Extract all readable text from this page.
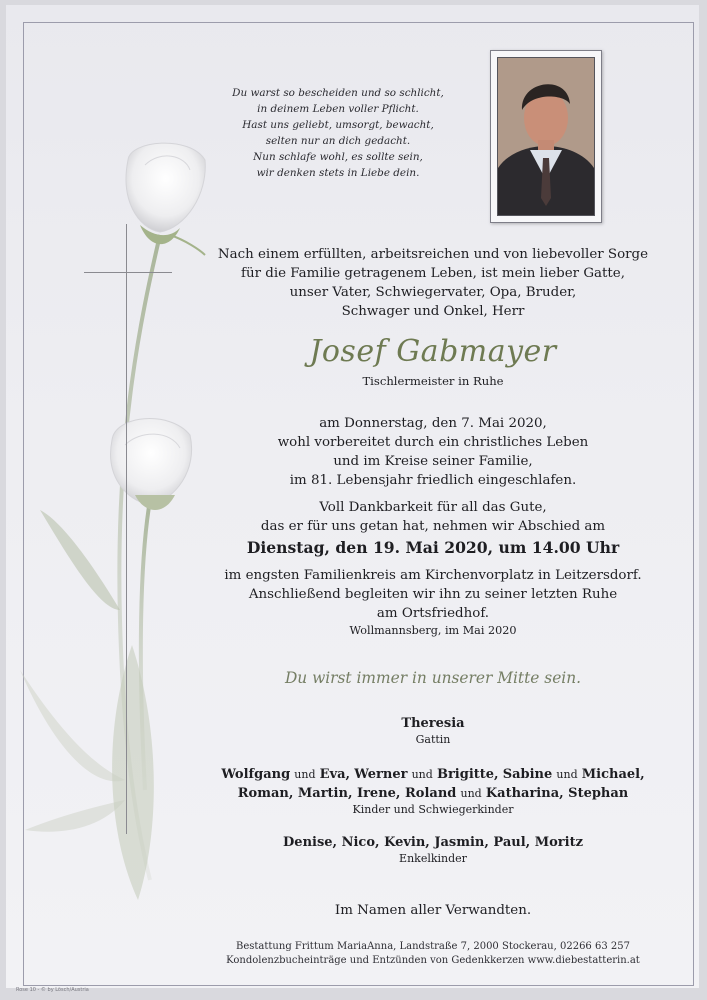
Du warst so bescheiden und so schlicht,
in deinem Leben voller Pflicht.
Hast uns geliebt, umsorgt, bewacht,
selten nur an dich gedacht.
Nun schlafe wohl, es sollte sein,
wir denken stets in Liebe dein.
Nach einem erfüllten, arbeitsreichen und von liebevoller Sorge
für die Familie getragenem Leben, ist mein lieber Gatte,
unser Vater, Schwiegervater, Opa, Bruder,
Schwager und Onkel, Herr
Josef Gabmayer
Tischlermeister in Ruhe
am Donnerstag, den 7. Mai 2020,
wohl vorbereitet durch ein christliches Leben
und im Kreise seiner Familie,
im 81. Lebensjahr friedlich eingeschlafen.
Voll Dankbarkeit für all das Gute,
das er für uns getan hat, nehmen wir Abschied am
Dienstag, den 19. Mai 2020, um 14.00 Uhr
im engsten Familienkreis am Kirchenvorplatz in Leitzersdorf.
Anschließend begleiten wir ihn zu seiner letzten Ruhe
am Ortsfriedhof.
Wollmannsberg, im Mai 2020
Du wirst immer in unserer Mitte sein.
Theresia
Gattin
Wolfgang und Eva, Werner und Brigitte, Sabine und Michael,
Roman, Martin, Irene, Roland und Katharina, Stephan
Kinder und Schwiegerkinder
Denise, Nico, Kevin, Jasmin, Paul, Moritz
Enkelkinder
Im Namen aller Verwandten.
Bestattung Frittum MariaAnna, Landstraße 7, 2000 Stockerau, 02266 63 257
Kondolenzbucheinträge und Entzünden von Gedenkkerzen www.diebestatterin.at
Rose 10 - © by Lösch/Austria
